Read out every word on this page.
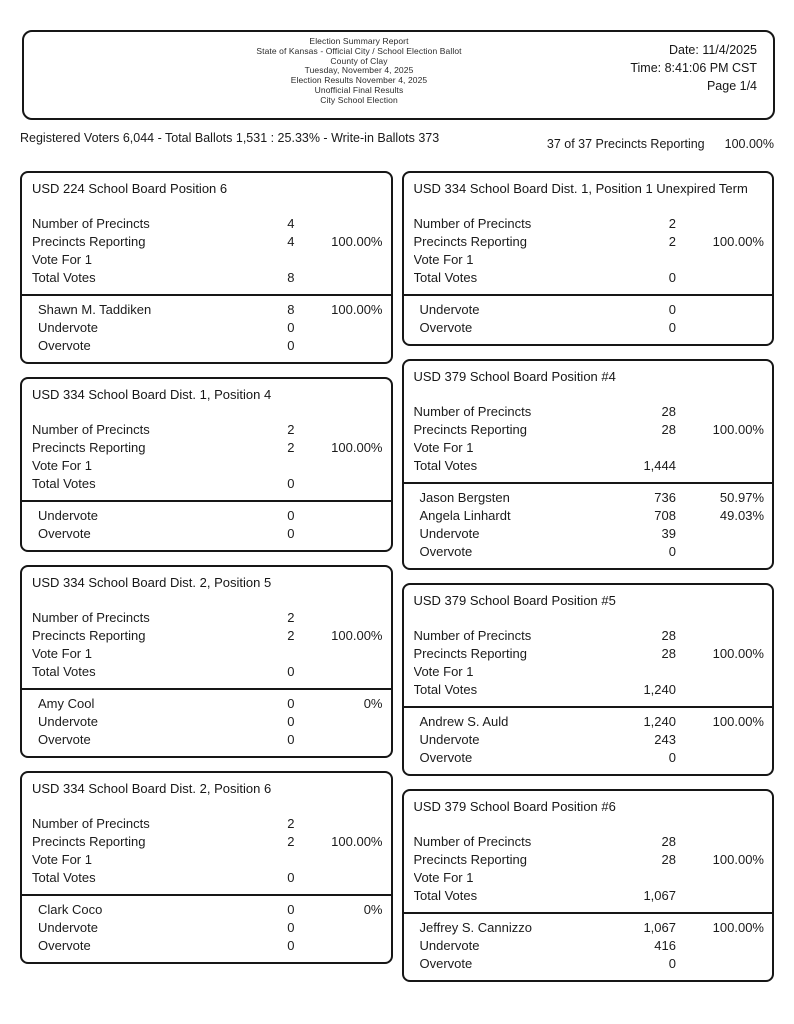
Election Summary Report
State of Kansas - Official City / School Election Ballot
County of Clay
Tuesday, November 4, 2025
Election Results November 4, 2025
Unofficial Final Results
City School Election
Date: 11/4/2025
Time: 8:41:06 PM CST
Page 1/4
Registered Voters 6,044 - Total Ballots 1,531 : 25.33% - Write-in Ballots 373	37 of 37 Precincts Reporting 100.00%
USD 224 School Board Position 6
Number of Precincts	4
Precincts Reporting	4	100.00%
Vote For 1
Total Votes	8
Shawn M. Taddiken	8	100.00%
Undervote	0
Overvote	0
USD 334 School Board Dist. 1, Position 4
Number of Precincts	2
Precincts Reporting	2	100.00%
Vote For 1
Total Votes	0
Undervote	0
Overvote	0
USD 334 School Board Dist. 2, Position 5
Number of Precincts	2
Precincts Reporting	2	100.00%
Vote For 1
Total Votes	0
Amy Cool	0	0%
Undervote	0
Overvote	0
USD 334 School Board Dist. 2, Position 6
Number of Precincts	2
Precincts Reporting	2	100.00%
Vote For 1
Total Votes	0
Clark Coco	0	0%
Undervote	0
Overvote	0
USD 334 School Board Dist. 1, Position 1 Unexpired Term
Number of Precincts	2
Precincts Reporting	2	100.00%
Vote For 1
Total Votes	0
Undervote	0
Overvote	0
USD 379 School Board Position #4
Number of Precincts	28
Precincts Reporting	28	100.00%
Vote For 1
Total Votes	1,444
Jason Bergsten	736	50.97%
Angela Linhardt	708	49.03%
Undervote	39
Overvote	0
USD 379 School Board Position #5
Number of Precincts	28
Precincts Reporting	28	100.00%
Vote For 1
Total Votes	1,240
Andrew S. Auld	1,240	100.00%
Undervote	243
Overvote	0
USD 379 School Board Position #6
Number of Precincts	28
Precincts Reporting	28	100.00%
Vote For 1
Total Votes	1,067
Jeffrey S. Cannizzo	1,067	100.00%
Undervote	416
Overvote	0
